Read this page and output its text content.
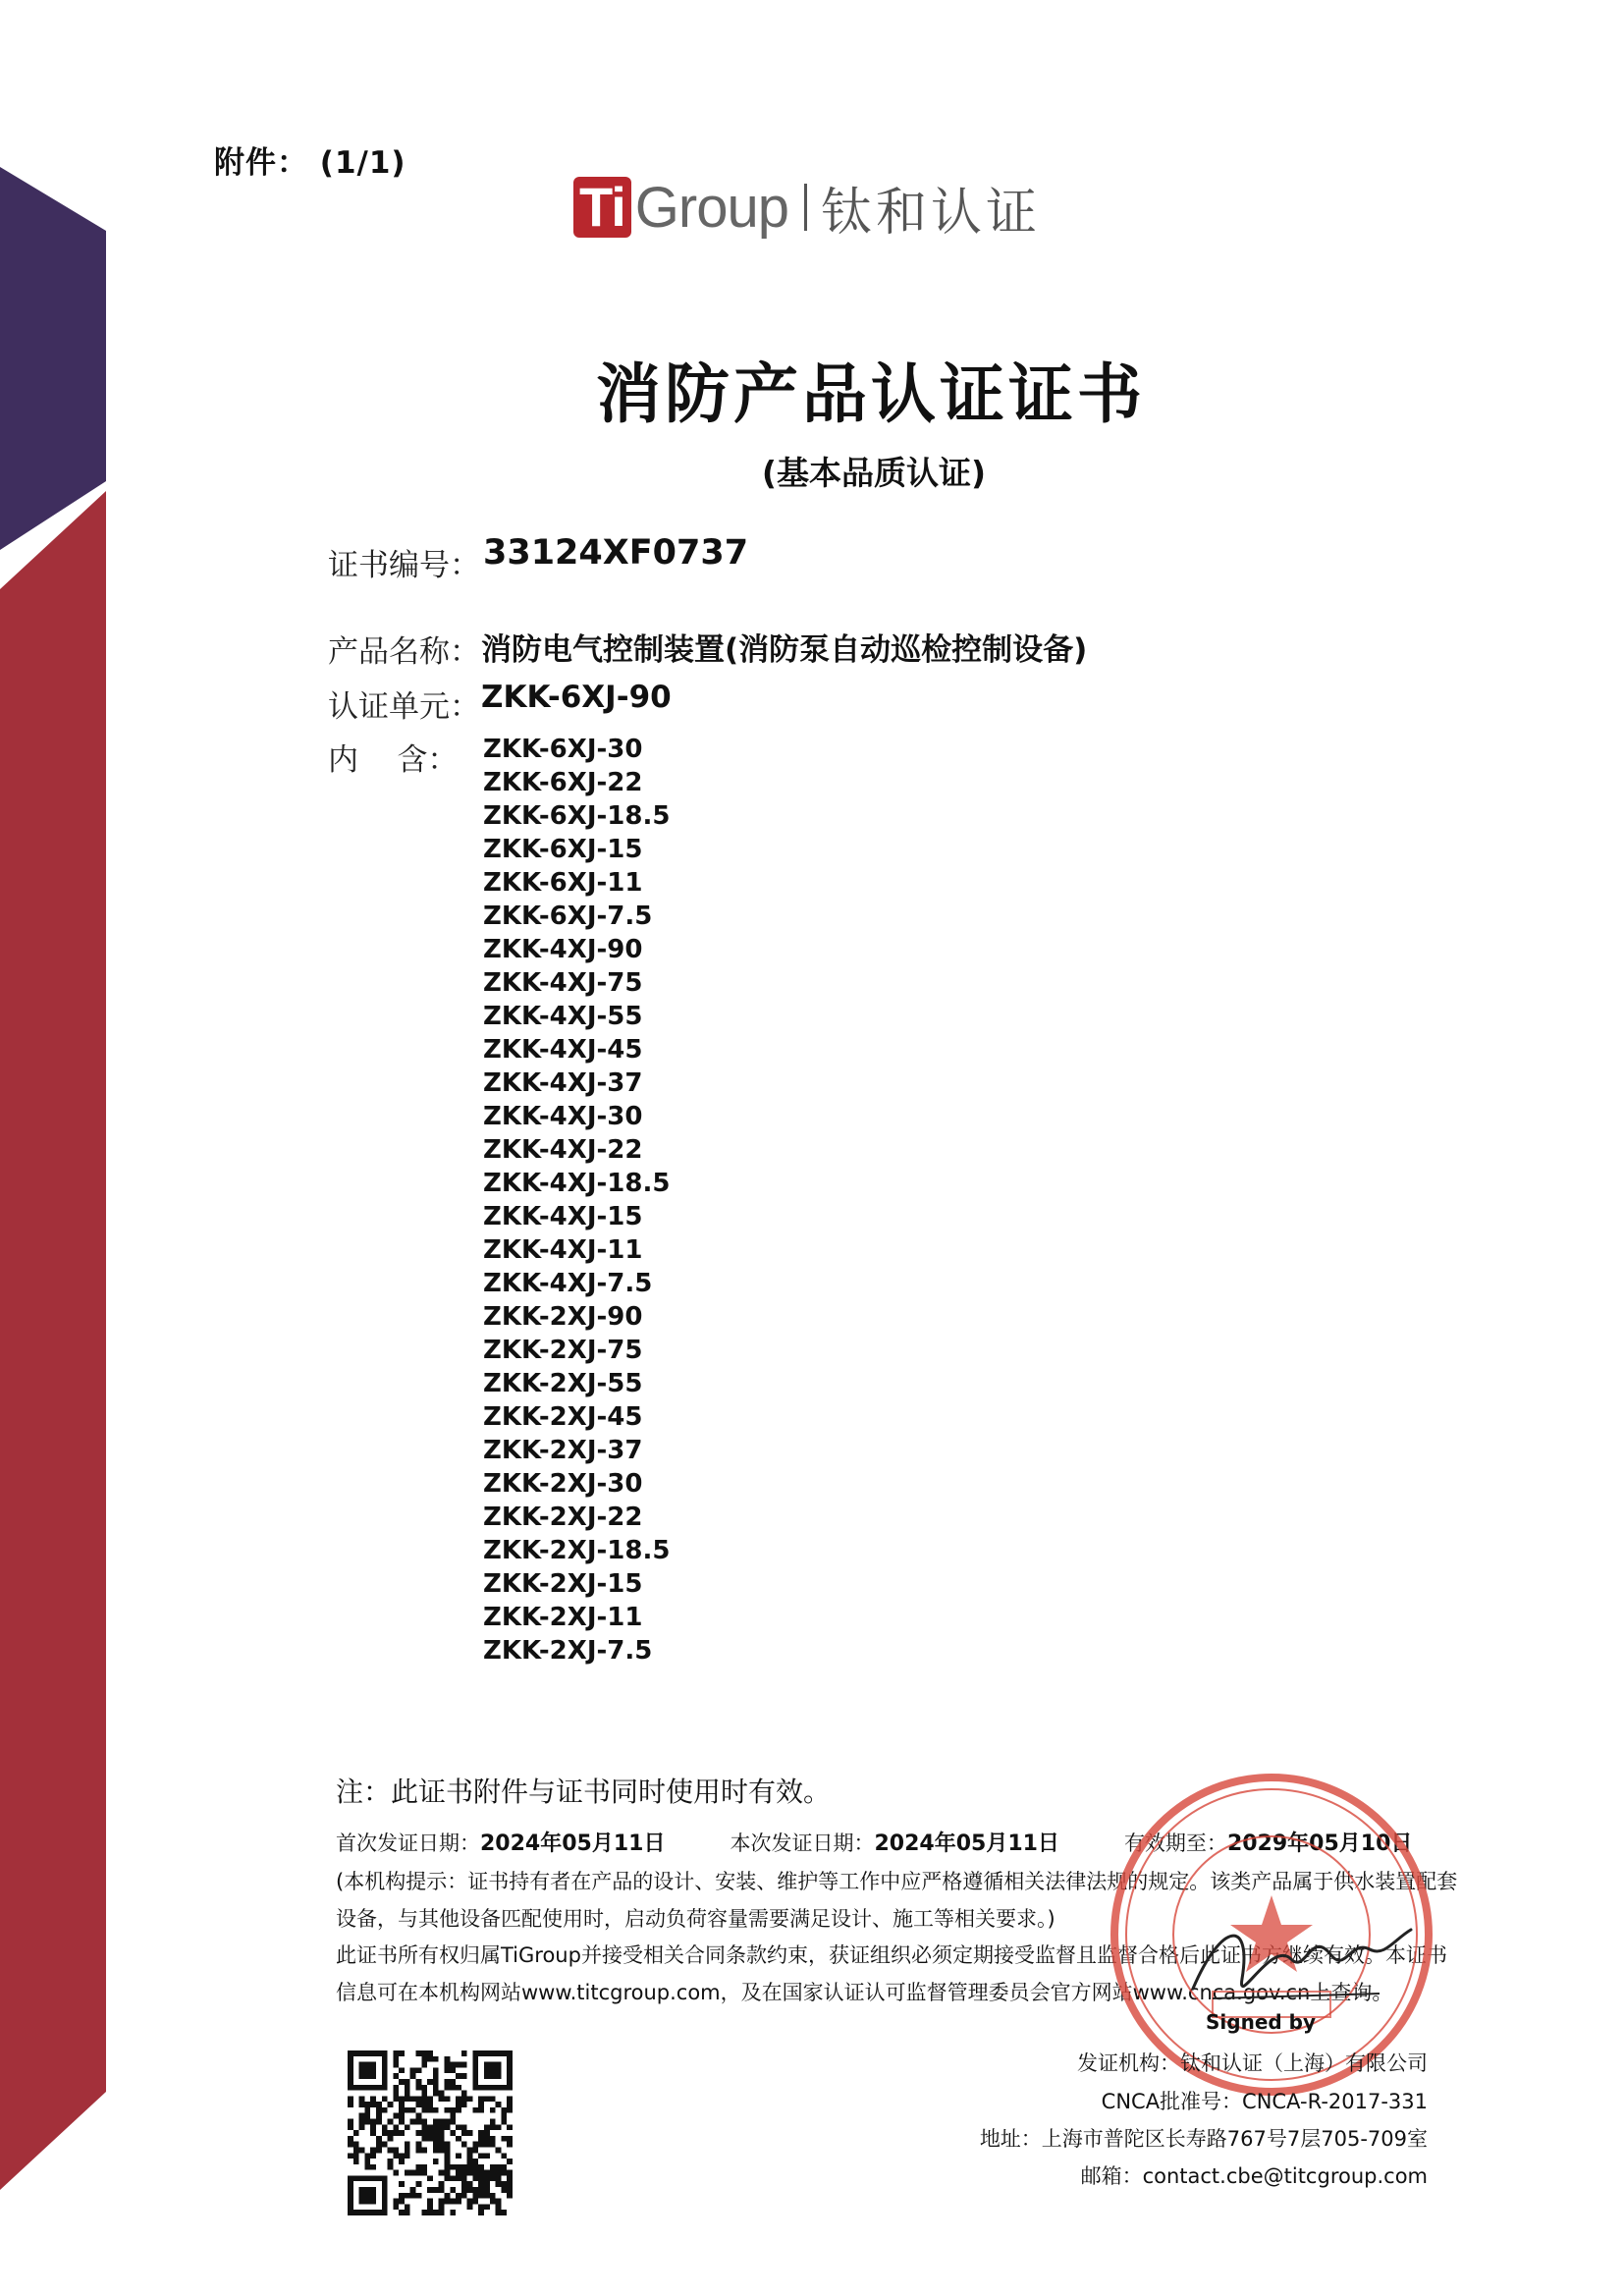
附件： (1/1)
Ti Group 钛和认证
消防产品认证证书
(基本品质认证)
证书编号： 33124XF0737
产品名称： 消防电气控制装置(消防泵自动巡检控制设备)
认证单元： ZKK-6XJ-90
内    含： ZKK-6XJ-30
ZKK-6XJ-22
ZKK-6XJ-18.5
ZKK-6XJ-15
ZKK-6XJ-11
ZKK-6XJ-7.5
ZKK-4XJ-90
ZKK-4XJ-75
ZKK-4XJ-55
ZKK-4XJ-45
ZKK-4XJ-37
ZKK-4XJ-30
ZKK-4XJ-22
ZKK-4XJ-18.5
ZKK-4XJ-15
ZKK-4XJ-11
ZKK-4XJ-7.5
ZKK-2XJ-90
ZKK-2XJ-75
ZKK-2XJ-55
ZKK-2XJ-45
ZKK-2XJ-37
ZKK-2XJ-30
ZKK-2XJ-22
ZKK-2XJ-18.5
ZKK-2XJ-15
ZKK-2XJ-11
ZKK-2XJ-7.5
注：此证书附件与证书同时使用时有效。
首次发证日期：2024年05月11日	本次发证日期：2024年05月11日	有效期至：2029年05月10日
(本机构提示：证书持有者在产品的设计、安装、维护等工作中应严格遵循相关法律法规的规定。该类产品属于供水装置配套设备，与其他设备匹配使用时，启动负荷容量需要满足设计、施工等相关要求。)
此证书所有权归属TiGroup并接受相关合同条款约束，获证组织必须定期接受监督且监督合格后此证书方继续有效。本证书信息可在本机构网站www.titcgroup.com，及在国家认证认可监督管理委员会官方网站www.cnca.gov.cn上查询。
Signed by
发证机构：钛和认证（上海）有限公司
CNCA批准号：CNCA-R-2017-331
地址：上海市普陀区长寿路767号7层705-709室
邮箱：contact.cbe@titcgroup.com
